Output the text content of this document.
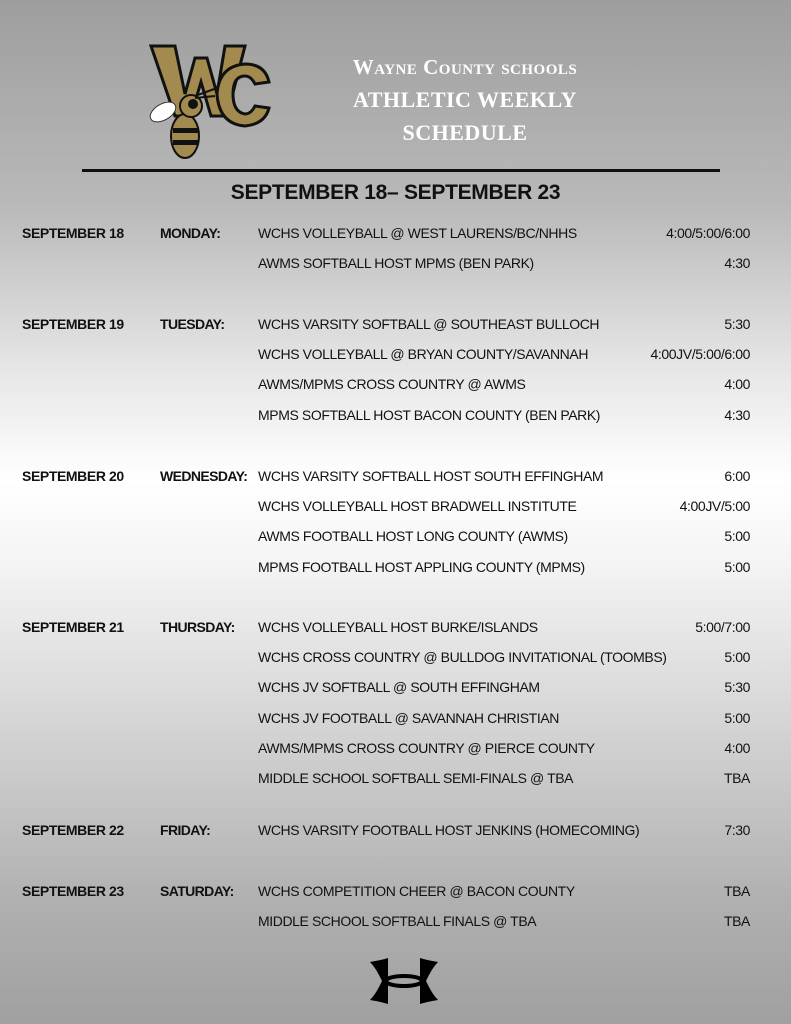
Wayne County schools
ATHLETIC WEEKLY
SCHEDULE
SEPTEMBER 18– SEPTEMBER 23
SEPTEMBER 18	MONDAY:	WCHS VOLLEYBALL @ WEST LAURENS/BC/NHHS	4:00/5:00/6:00
AWMS SOFTBALL HOST MPMS (BEN PARK)	4:30
SEPTEMBER 19	TUESDAY: WCHS VARSITY SOFTBALL @ SOUTHEAST BULLOCH	5:30
WCHS VOLLEYBALL @ BRYAN COUNTY/SAVANNAH	4:00JV/5:00/6:00
AWMS/MPMS CROSS COUNTRY @ AWMS	4:00
MPMS SOFTBALL HOST BACON COUNTY (BEN PARK)	4:30
SEPTEMBER 20	WEDNESDAY: WCHS VARSITY SOFTBALL HOST SOUTH EFFINGHAM	6:00
WCHS VOLLEYBALL HOST BRADWELL INSTITUTE	4:00JV/5:00
AWMS FOOTBALL HOST LONG COUNTY (AWMS)	5:00
MPMS FOOTBALL HOST APPLING COUNTY (MPMS)	5:00
SEPTEMBER 21	THURSDAY: WCHS VOLLEYBALL HOST BURKE/ISLANDS	5:00/7:00
WCHS CROSS COUNTRY @ BULLDOG INVITATIONAL (TOOMBS)	5:00
WCHS JV SOFTBALL @ SOUTH EFFINGHAM	5:30
WCHS JV FOOTBALL @ SAVANNAH CHRISTIAN	5:00
AWMS/MPMS CROSS COUNTRY @ PIERCE COUNTY	4:00
MIDDLE SCHOOL SOFTBALL SEMI-FINALS @ TBA	TBA
SEPTEMBER 22	FRIDAY:	WCHS VARSITY FOOTBALL HOST JENKINS (HOMECOMING)	7:30
SEPTEMBER 23	SATURDAY: WCHS COMPETITION CHEER @ BACON COUNTY	TBA
MIDDLE SCHOOL SOFTBALL FINALS @ TBA	TBA
